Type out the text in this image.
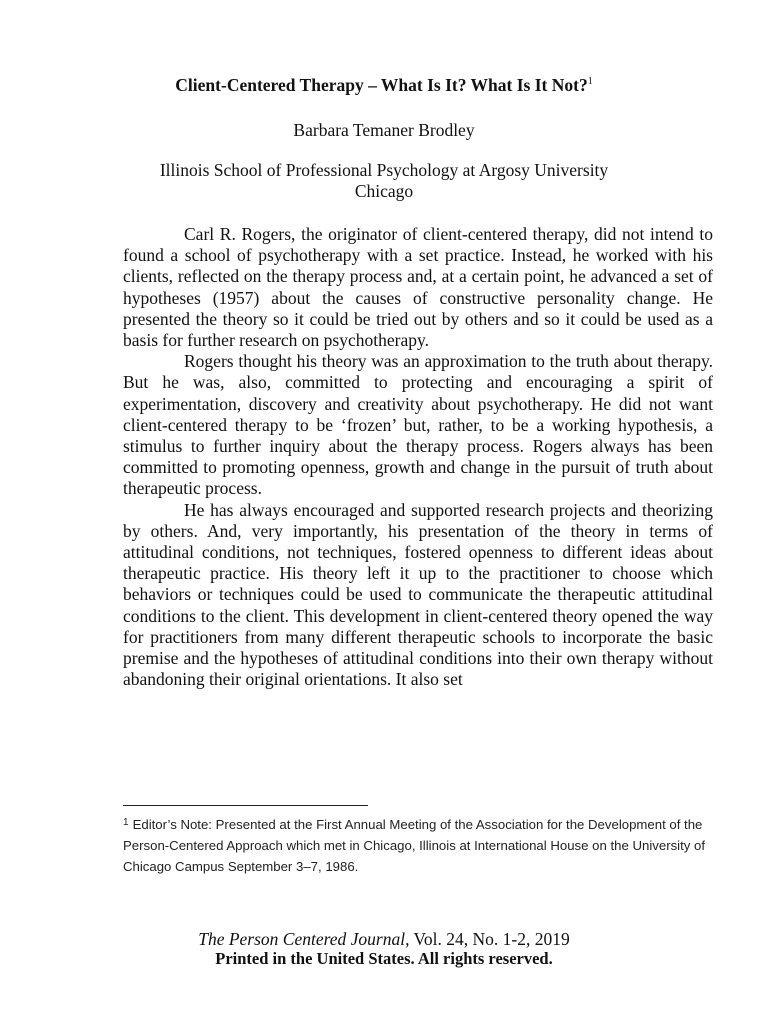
Client-Centered Therapy – What Is It? What Is It Not?$^1$

Barbara Temaner Brodley

Illinois School of Professional Psychology at Argosy University
Chicago

Carl R. Rogers, the originator of client-centered therapy, did not intend to found a school of psychotherapy with a set practice. Instead, he worked with his clients, reflected on the therapy process and, at a certain point, he advanced a set of hypotheses (1957) about the causes of constructive personality change. He presented the theory so it could be tried out by others and so it could be used as a basis for further research on psychotherapy.

Rogers thought his theory was an approximation to the truth about therapy. But he was, also, committed to protecting and encouraging a spirit of experimentation, discovery and creativity about psychotherapy. He did not want client-centered therapy to be ‘frozen’ but, rather, to be a working hypothesis, a stimulus to further inquiry about the therapy process. Rogers always has been committed to promoting openness, growth and change in the pursuit of truth about therapeutic process.

He has always encouraged and supported research projects and theorizing by others. And, very importantly, his presentation of the theory in terms of attitudinal conditions, not techniques, fostered openness to different ideas about therapeutic practice. His theory left it up to the practitioner to choose which behaviors or techniques could be used to communicate the therapeutic attitudinal conditions to the client. This development in client-centered theory opened the way for practitioners from many different therapeutic schools to incorporate the basic premise and the hypotheses of attitudinal conditions into their own therapy without abandoning their original orientations. It also set

$^1$ Editor’s Note: Presented at the First Annual Meeting of the Association for the Development of the Person-Centered Approach which met in Chicago, Illinois at International House on the University of Chicago Campus September 3–7, 1986.

The Person Centered Journal, Vol. 24, No. 1-2, 2019

Printed in the United States. All rights reserved.
